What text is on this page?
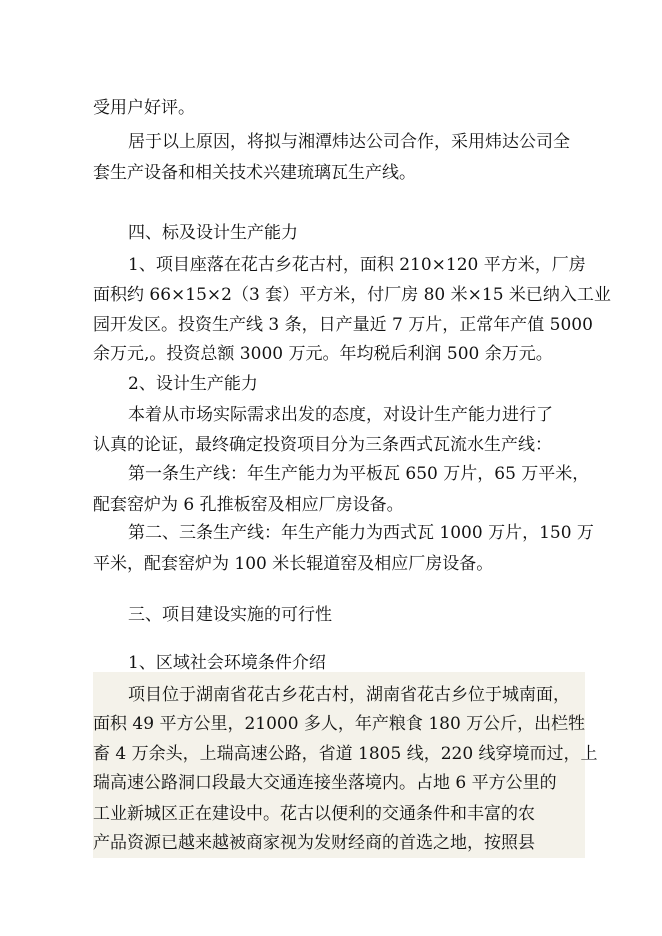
受用户好评。
居于以上原因，将拟与湘潭炜达公司合作，采用炜达公司全
套生产设备和相关技术兴建琉璃瓦生产线。
四、标及设计生产能力
1、项目座落在花古乡花古村，面积 210×120 平方米，厂房
面积约 66×15×2（3 套）平方米，付厂房 80 米×15 米已纳入工业
园开发区。投资生产线 3 条，日产量近 7 万片，正常年产值 5000
余万元,。投资总额 3000 万元。年均税后利润 500 余万元。
2、设计生产能力
本着从市场实际需求出发的态度，对设计生产能力进行了
认真的论证，最终确定投资项目分为三条西式瓦流水生产线：
第一条生产线：年生产能力为平板瓦 650 万片，65 万平米，
配套窑炉为 6 孔推板窑及相应厂房设备。
第二、三条生产线：年生产能力为西式瓦 1000 万片，150 万
平米，配套窑炉为 100 米长辊道窑及相应厂房设备。
三、项目建设实施的可行性
1、区域社会环境条件介绍
项目位于湖南省花古乡花古村，湖南省花古乡位于城南面，
面积 49 平方公里，21000 多人，年产粮食 180 万公斤，出栏牲
畜 4 万余头，上瑞高速公路，省道 1805 线，220 线穿境而过，上
瑞高速公路洞口段最大交通连接坐落境内。占地 6 平方公里的
工业新城区正在建设中。花古以便利的交通条件和丰富的农
产品资源已越来越被商家视为发财经商的首选之地，按照县
